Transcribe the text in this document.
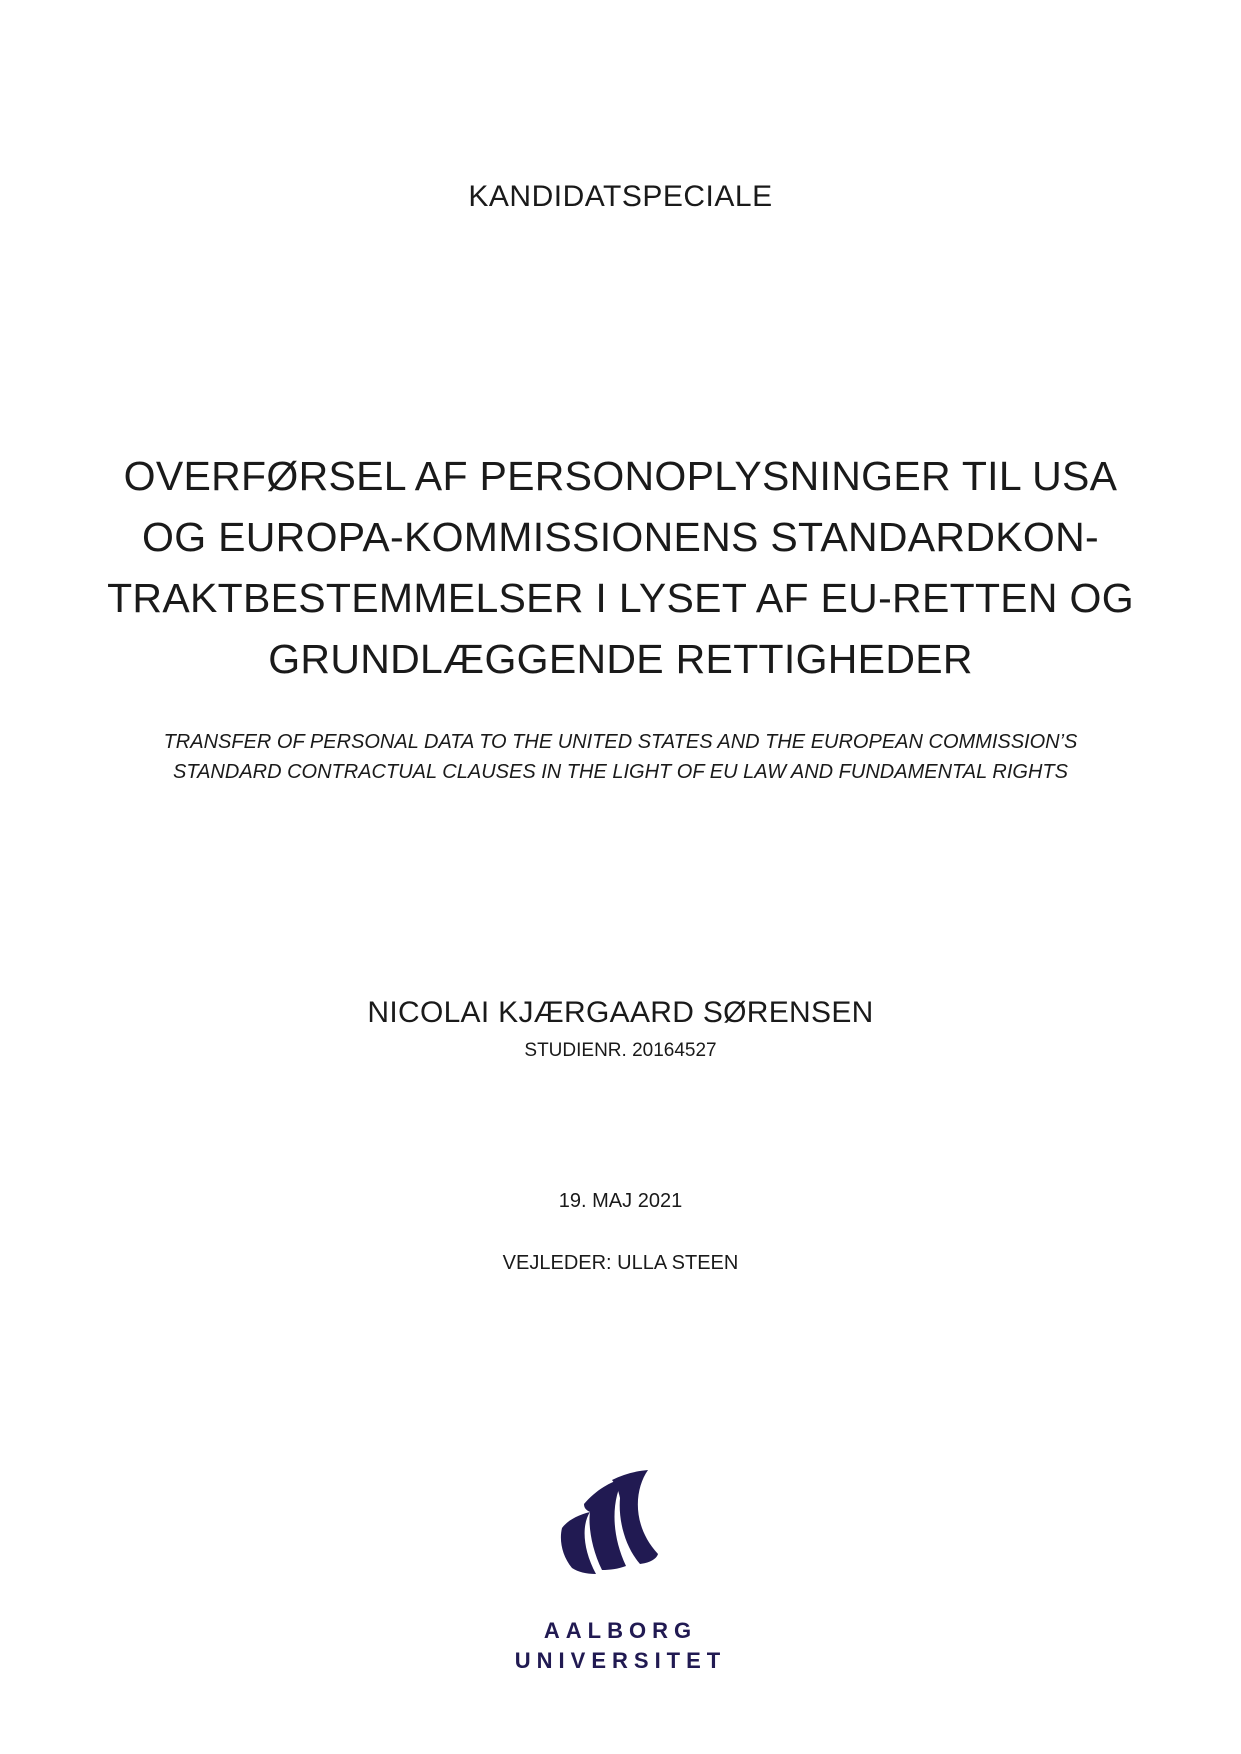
KANDIDATSPECIALE
OVERFØRSEL AF PERSONOPLYSNINGER TIL USA
OG EUROPA-KOMMISSIONENS STANDARDKON-
TRAKTBESTEMMELSER I LYSET AF EU-RETTEN OG
GRUNDLÆGGENDE RETTIGHEDER
TRANSFER OF PERSONAL DATA TO THE UNITED STATES AND THE EUROPEAN COMMISSION’S
STANDARD CONTRACTUAL CLAUSES IN THE LIGHT OF EU LAW AND FUNDAMENTAL RIGHTS
NICOLAI KJÆRGAARD SØRENSEN
STUDIENR. 20164527
19. MAJ 2021
VEJLEDER: ULLA STEEN
AALBORG
UNIVERSITET
